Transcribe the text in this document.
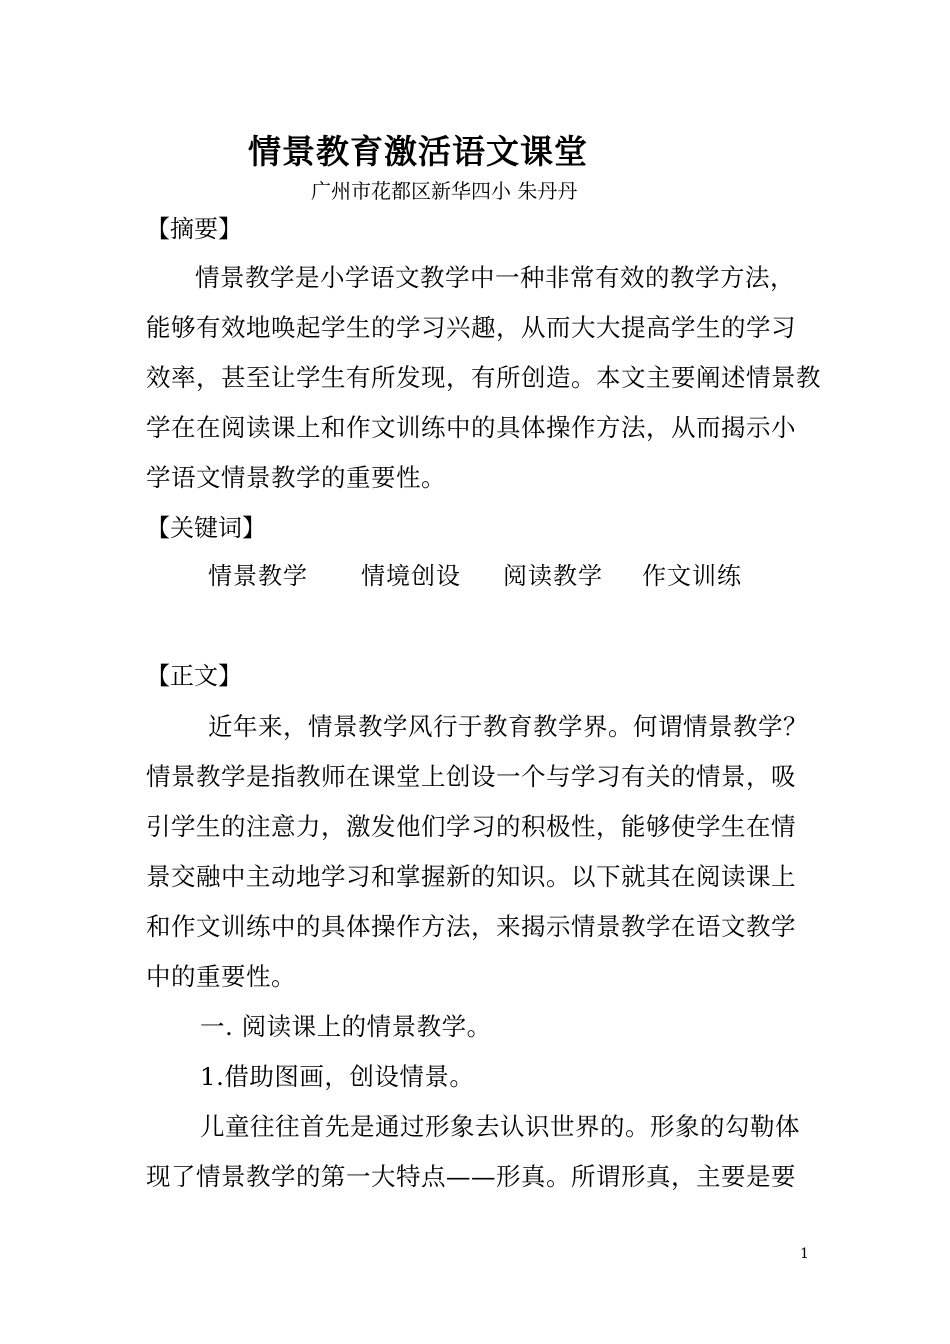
情景教育激活语文课堂
广州市花都区新华四小 朱丹丹
【摘要】
情景教学是小学语文教学中一种非常有效的教学方法，
能够有效地唤起学生的学习兴趣，从而大大提高学生的学习
效率，甚至让学生有所发现，有所创造。本文主要阐述情景教
学在在阅读课上和作文训练中的具体操作方法，从而揭示小
学语文情景教学的重要性。
【关键词】
情景教学 情境创设 阅读教学 作文训练
【正文】
近年来，情景教学风行于教育教学界。何谓情景教学？
情景教学是指教师在课堂上创设一个与学习有关的情景，吸
引学生的注意力，激发他们学习的积极性，能够使学生在情
景交融中主动地学习和掌握新的知识。以下就其在阅读课上
和作文训练中的具体操作方法，来揭示情景教学在语文教学
中的重要性。
一. 阅读课上的情景教学。
1.借助图画，创设情景。
儿童往往首先是通过形象去认识世界的。形象的勾勒体
现了情景教学的第一大特点——形真。所谓形真，主要是要
1
